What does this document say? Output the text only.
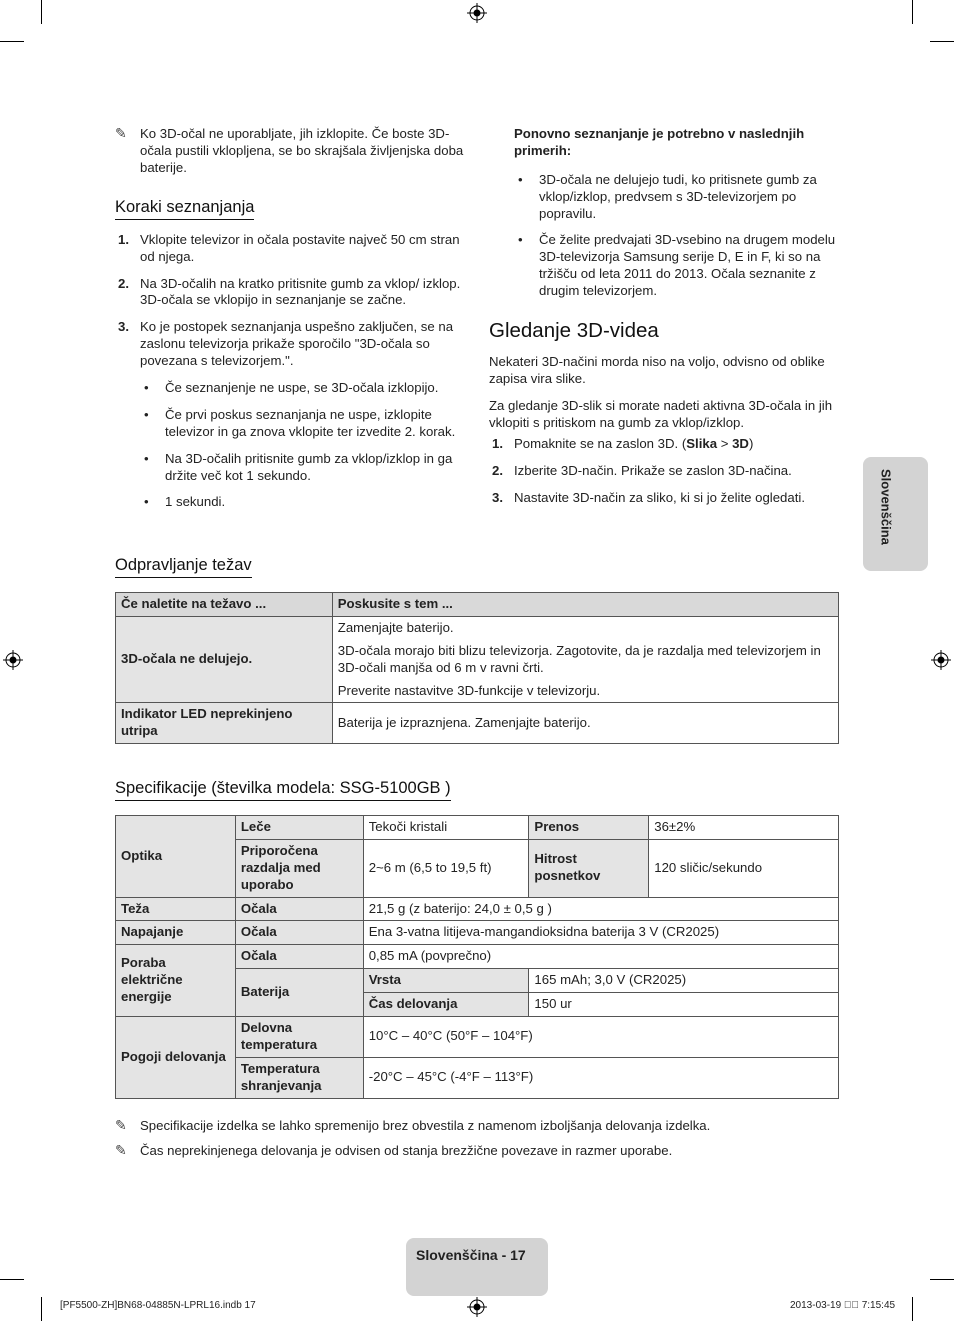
✎ Ko 3D-očal ne uporabljate, jih izklopite. Če boste 3D-očala pustili vklopljena, se bo skrajšala življenjska doba baterije.
Koraki seznanjanja
1. Vklopite televizor in očala postavite največ 50 cm stran od njega.
2. Na 3D-očalih na kratko pritisnite gumb za vklop/ izklop. 3D-očala se vklopijo in seznanjanje se začne.
3. Ko je postopek seznanjanja uspešno zaključen, se na zaslonu televizorja prikaže sporočilo "3D-očala so povezana s televizorjem.".
• Če seznanjenje ne uspe, se 3D-očala izklopijo.
• Če prvi poskus seznanjanja ne uspe, izklopite televizor in ga znova vklopite ter izvedite 2. korak.
• Na 3D-očalih pritisnite gumb za vklop/izklop in ga držite več kot 1 sekundo.
• 1 sekundi.

Ponovno seznanjanje je potrebno v naslednjih primerih:

• 3D-očala ne delujejo tudi, ko pritisnete gumb za vklop/izklop, predvsem s 3D-televizorjem po popravilu.
• Če želite predvajati 3D-vsebino na drugem modelu 3D-televizorja Samsung serije D, E in F, ki so na tržišču od leta 2011 do 2013. Očala seznanite z drugim televizorjem.
Gledanje 3D-videa

Nekateri 3D-načini morda niso na voljo, odvisno od oblike zapisa vira slike.

Za gledanje 3D-slik si morate nadeti aktivna 3D-očala in jih vklopiti s pritiskom na gumb za vklop/izklop.

1. Pomaknite se na zaslon 3D. (Slika > 3D)
2. Izberite 3D-način. Prikaže se zaslon 3D-načina.
3. Nastavite 3D-način za sliko, ki si jo želite ogledati.
Odpravljanje težav
Če naletite na težavo ...	Poskusite s tem ...
3D-očala ne delujejo.	Zamenjajte baterijo.
	3D-očala morajo biti blizu televizorja. Zagotovite, da je razdalja med televizorjem in 3D-očali manjša od 6 m v ravni črti.
	Preverite nastavitve 3D-funkcije v televizorju.
Indikator LED neprekinjeno utripa	Baterija je izpraznjena. Zamenjajte baterijo.
Specifikacije (številka modela: SSG-5100GB )
Optika	Leče	Tekoči kristali	Prenos	36±2%
	Priporočena razdalja med uporabo	2~6 m (6,5 to 19,5 ft)	Hitrost posnetkov	120 sličic/sekundo
Teža	Očala	21,5 g (z baterijo: 24,0 ± 0,5 g )		
Napajanje	Očala	Ena 3-vatna litijeva-mangandioksidna baterija 3 V (CR2025)		
Poraba električne energije	Očala	0,85 mA (povprečno)		
	Baterija	Vrsta	165 mAh; 3,0 V (CR2025)	
		Čas delovanja	150 ur	
Pogoji delovanja	Delovna temperatura	10°C – 40°C (50°F – 104°F)		
	Temperatura shranjevanja	-20°C – 45°C (-4°F – 113°F)		
✎ Specifikacije izdelka se lahko spremenijo brez obvestila z namenom izboljšanja delovanja izdelka.
✎ Čas neprekinjenega delovanja je odvisen od stanja brezžične povezave in razmer uporabe.
Slovenščina
Slovenščina - 17
[PF5500-ZH]BN68-04885N-LPRL16.indb 17	2013-03-19 ￿￿ 7:15:45
